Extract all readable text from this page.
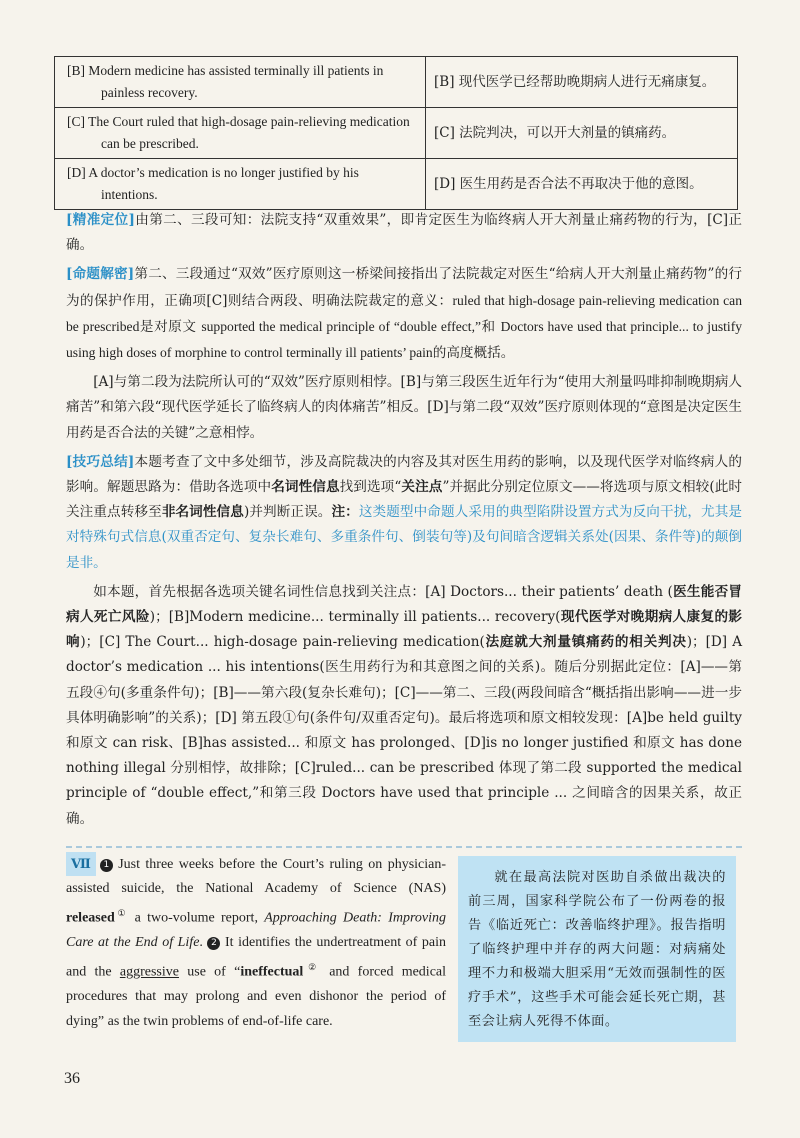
[B] Modern medicine has assisted terminally ill patients in painless recovery.	[B] 现代医学已经帮助晚期病人进行无痛康复。

[C] The Court ruled that high-dosage pain-relieving medication can be prescribed.	[C] 法院判决，可以开大剂量的镇痛药。

[D] A doctor’s medication is no longer justified by his intentions.	[D] 医生用药是否合法不再取决于他的意图。

[精准定位]由第二、三段可知：法院支持“双重效果”，即肯定医生为临终病人开大剂量止痛药物的行为，[C]正确。

[命题解密]第二、三段通过“双效”医疗原则这一桥梁间接指出了法院裁定对医生“给病人开大剂量止痛药物”的行为的保护作用，正确项[C]则结合两段、明确法院裁定的意义：ruled that high-dosage pain-relieving medication can be prescribed是对原文 supported the medical principle of “double effect,”和 Doctors have used that principle... to justify using high doses of morphine to control terminally ill patients’ pain的高度概括。

[A]与第二段为法院所认可的“双效”医疗原则相悖。[B]与第三段医生近年行为“使用大剂量吗啡抑制晚期病人痛苦”和第六段“现代医学延长了临终病人的肉体痛苦”相反。[D]与第二段“双效”医疗原则体现的“意图是决定医生用药是否合法的关键”之意相悖。

[技巧总结]本题考查了文中多处细节，涉及高院裁决的内容及其对医生用药的影响，以及现代医学对临终病人的影响。解题思路为：借助各选项中名词性信息找到选项“关注点”并据此分别定位原文——将选项与原文相较(此时关注重点转移至非名词性信息)并判断正误。注：这类题型中命题人采用的典型陷阱设置方式为反向干扰，尤其是对特殊句式信息(双重否定句、复杂长难句、多重条件句、倒装句等)及句间暗含逻辑关系处(因果、条件等)的颠倒是非。

如本题，首先根据各选项关键名词性信息找到关注点：[A] Doctors... their patients’ death (医生能否冒病人死亡风险)；[B]Modern medicine... terminally ill patients... recovery(现代医学对晚期病人康复的影响)；[C] The Court... high-dosage pain-relieving medication(法庭就大剂量镇痛药的相关判决)；[D] A doctor’s medication ... his intentions(医生用药行为和其意图之间的关系)。随后分别据此定位：[A]——第五段④句(多重条件句)；[B]——第六段(复杂长难句)；[C]——第二、三段(两段间暗含“概括指出影响——进一步具体明确影响”的关系)；[D] 第五段①句(条件句/双重否定句)。最后将选项和原文相较发现：[A]be held guilty 和原文 can risk、[B]has assisted... 和原文 has prolonged、[D]is no longer justified 和原文 has done nothing illegal 分别相悖，故排除；[C]ruled... can be prescribed 体现了第二段 supported the medical principle of “double effect,”和第三段 Doctors have used that principle ... 之间暗含的因果关系，故正确。

Ⅶ 1 Just three weeks before the Court’s ruling on physician-assisted suicide, the National Academy of Science (NAS) released① a two-volume report, Approaching Death: Improving Care at the End of Life. 2 It identifies the undertreatment of pain and the aggressive use of “ineffectual② and forced medical procedures that may prolong and even dishonor the period of dying” as the twin problems of end-of-life care.

就在最高法院对医助自杀做出裁决的前三周，国家科学院公布了一份两卷的报告《临近死亡：改善临终护理》。报告指明了临终护理中并存的两大问题：对病痛处理不力和极端大胆采用“无效而强制性的医疗手术”，这些手术可能会延长死亡期，甚至会让病人死得不体面。

36
